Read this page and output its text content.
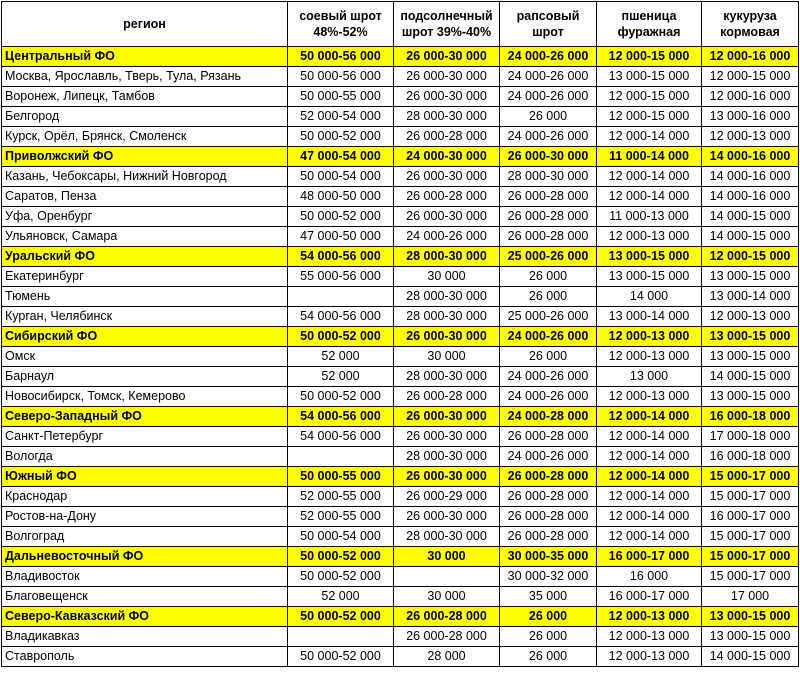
регион	соевый шрот 48%-52%	подсолнечный шрот 39%-40%	рапсовый шрот	пшеница фуражная	кукуруза кормовая
Центральный ФО	50 000-56 000	26 000-30 000	24 000-26 000	12 000-15 000	12 000-16 000
Москва, Ярославль, Тверь, Тула, Рязань	50 000-56 000	26 000-30 000	24 000-26 000	13 000-15 000	12 000-15 000
Воронеж, Липецк, Тамбов	50 000-55 000	26 000-30 000	24 000-26 000	12 000-15 000	12 000-16 000
Белгород	52 000-54 000	28 000-30 000	26 000	12 000-15 000	13 000-16 000
Курск, Орёл, Брянск, Смоленск	50 000-52 000	26 000-28 000	24 000-26 000	12 000-14 000	12 000-13 000
Приволжский ФО	47 000-54 000	24 000-30 000	26 000-30 000	11 000-14 000	14 000-16 000
Казань, Чебоксары, Нижний Новгород	50 000-54 000	26 000-30 000	28 000-30 000	12 000-14 000	14 000-16 000
Саратов, Пенза	48 000-50 000	26 000-28 000	26 000-28 000	12 000-14 000	14 000-16 000
Уфа, Оренбург	50 000-52 000	26 000-30 000	26 000-28 000	11 000-13 000	14 000-15 000
Ульяновск, Самара	47 000-50 000	24 000-26 000	26 000-28 000	12 000-13 000	14 000-15 000
Уральский ФО	54 000-56 000	28 000-30 000	25 000-26 000	13 000-15 000	12 000-15 000
Екатеринбург	55 000-56 000	30 000	26 000	13 000-15 000	13 000-15 000
Тюмень		28 000-30 000	26 000	14 000	13 000-14 000
Курган, Челябинск	54 000-56 000	28 000-30 000	25 000-26 000	13 000-14 000	12 000-13 000
Сибирский ФО	50 000-52 000	26 000-30 000	24 000-26 000	12 000-13 000	13 000-15 000
Омск	52 000	30 000	26 000	12 000-13 000	13 000-15 000
Барнаул	52 000	28 000-30 000	24 000-26 000	13 000	14 000-15 000
Новосибирск, Томск, Кемерово	50 000-52 000	26 000-28 000	24 000-26 000	12 000-13 000	13 000-15 000
Северо-Западный ФО	54 000-56 000	26 000-30 000	24 000-28 000	12 000-14 000	16 000-18 000
Санкт-Петербург	54 000-56 000	26 000-30 000	26 000-28 000	12 000-14 000	17 000-18 000
Вологда		28 000-30 000	24 000-26 000	12 000-14 000	16 000-18 000
Южный ФО	50 000-55 000	26 000-30 000	26 000-28 000	12 000-14 000	15 000-17 000
Краснодар	52 000-55 000	26 000-29 000	26 000-28 000	12 000-14 000	15 000-17 000
Ростов-на-Дону	52 000-55 000	26 000-30 000	26 000-28 000	12 000-14 000	16 000-17 000
Волгоград	50 000-54 000	28 000-30 000	26 000-28 000	12 000-14 000	15 000-17 000
Дальневосточный ФО	50 000-52 000	30 000	30 000-35 000	16 000-17 000	15 000-17 000
Владивосток	50 000-52 000		30 000-32 000	16 000	15 000-17 000
Благовещенск	52 000	30 000	35 000	16 000-17 000	17 000
Северо-Кавказский ФО	50 000-52 000	26 000-28 000	26 000	12 000-13 000	13 000-15 000
Владикавказ		26 000-28 000	26 000	12 000-13 000	13 000-15 000
Ставрополь	50 000-52 000	28 000	26 000	12 000-13 000	14 000-15 000
